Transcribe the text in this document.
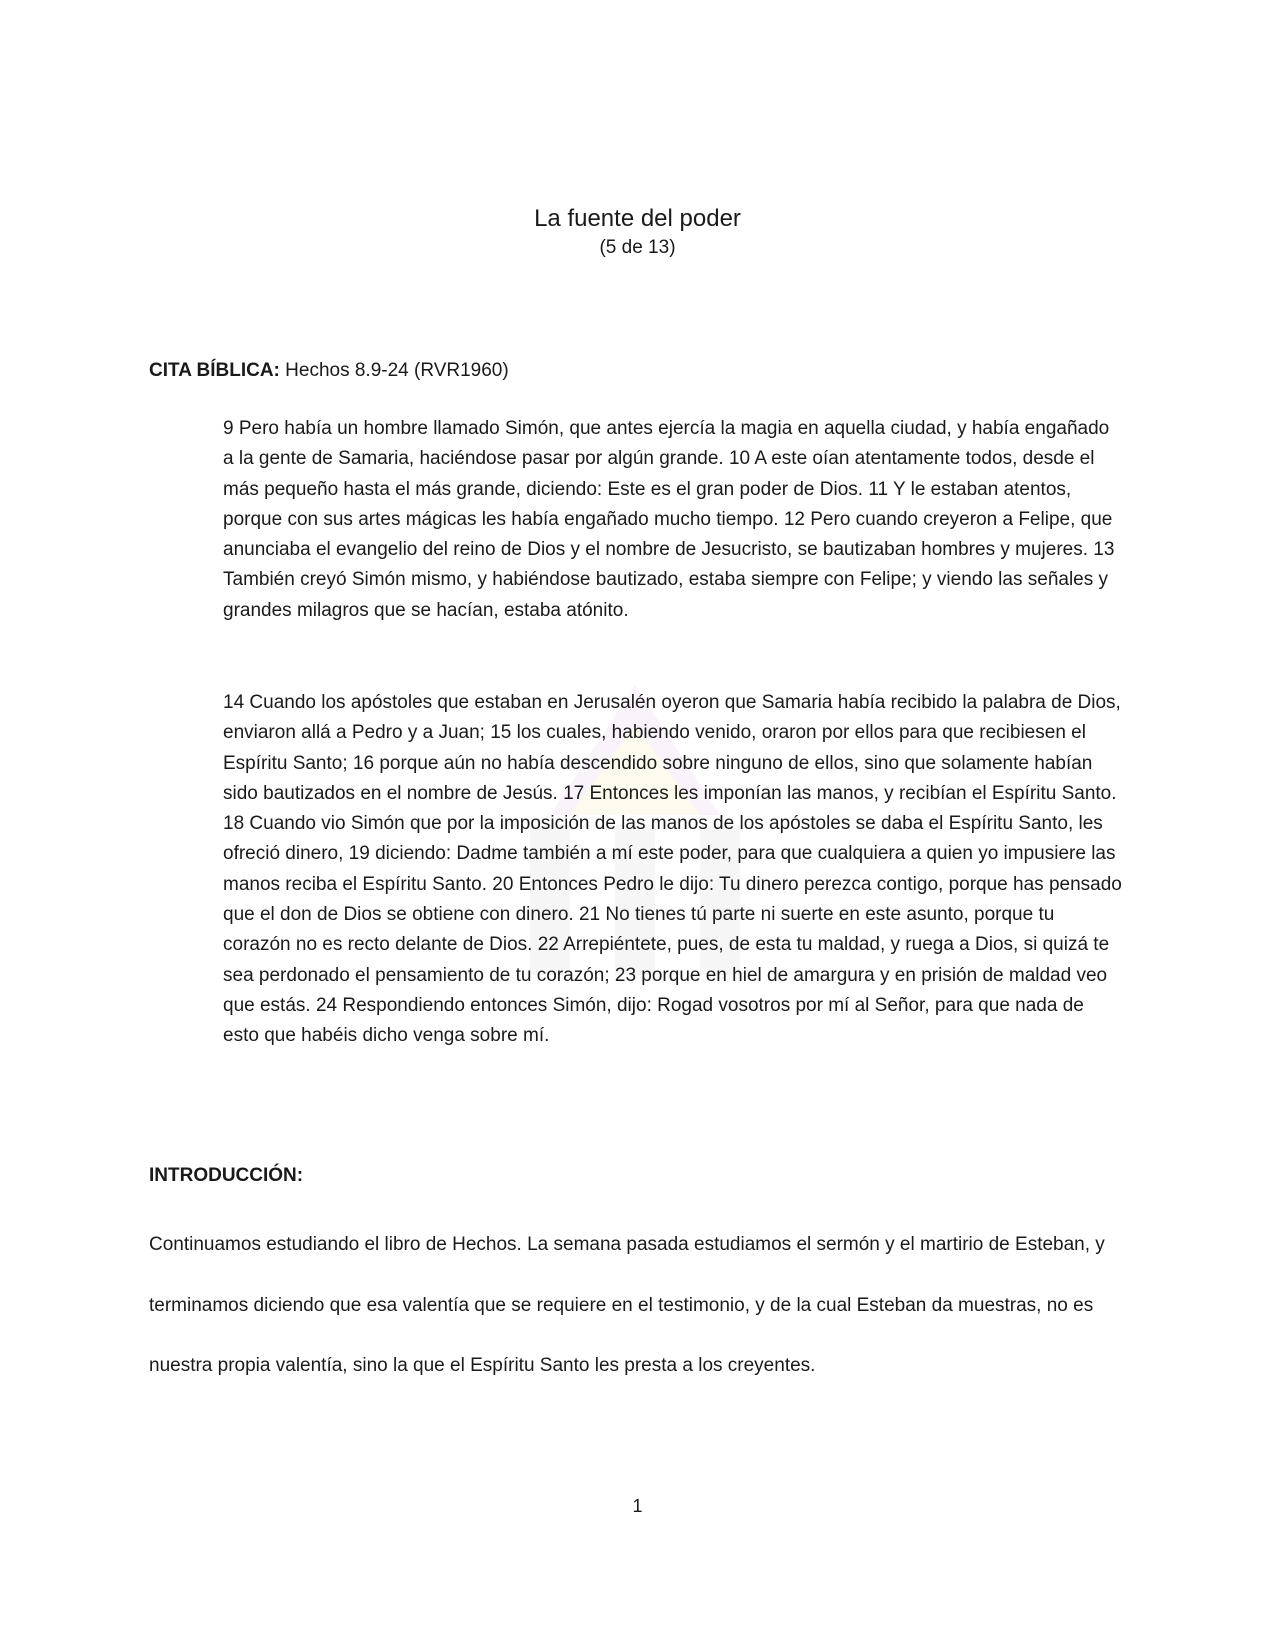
La fuente del poder
(5 de 13)
CITA BÍBLICA: Hechos 8.9-24 (RVR1960)

9 Pero había un hombre llamado Simón, que antes ejercía la magia en aquella ciudad, y había engañado a la gente de Samaria, haciéndose pasar por algún grande. 10 A este oían atentamente todos, desde el más pequeño hasta el más grande, diciendo: Este es el gran poder de Dios. 11 Y le estaban atentos, porque con sus artes mágicas les había engañado mucho tiempo. 12 Pero cuando creyeron a Felipe, que anunciaba el evangelio del reino de Dios y el nombre de Jesucristo, se bautizaban hombres y mujeres. 13 También creyó Simón mismo, y habiéndose bautizado, estaba siempre con Felipe; y viendo las señales y grandes milagros que se hacían, estaba atónito.

14 Cuando los apóstoles que estaban en Jerusalén oyeron que Samaria había recibido la palabra de Dios, enviaron allá a Pedro y a Juan; 15 los cuales, habiendo venido, oraron por ellos para que recibiesen el Espíritu Santo; 16 porque aún no había descendido sobre ninguno de ellos, sino que solamente habían sido bautizados en el nombre de Jesús. 17 Entonces les imponían las manos, y recibían el Espíritu Santo. 18 Cuando vio Simón que por la imposición de las manos de los apóstoles se daba el Espíritu Santo, les ofreció dinero, 19 diciendo: Dadme también a mí este poder, para que cualquiera a quien yo impusiere las manos reciba el Espíritu Santo. 20 Entonces Pedro le dijo: Tu dinero perezca contigo, porque has pensado que el don de Dios se obtiene con dinero. 21 No tienes tú parte ni suerte en este asunto, porque tu corazón no es recto delante de Dios. 22 Arrepiéntete, pues, de esta tu maldad, y ruega a Dios, si quizá te sea perdonado el pensamiento de tu corazón; 23 porque en hiel de amargura y en prisión de maldad veo que estás. 24 Respondiendo entonces Simón, dijo: Rogad vosotros por mí al Señor, para que nada de esto que habéis dicho venga sobre mí.

INTRODUCCIÓN:

Continuamos estudiando el libro de Hechos. La semana pasada estudiamos el sermón y el martirio de Esteban, y terminamos diciendo que esa valentía que se requiere en el testimonio, y de la cual Esteban da muestras, no es nuestra propia valentía, sino la que el Espíritu Santo les presta a los creyentes.

1
